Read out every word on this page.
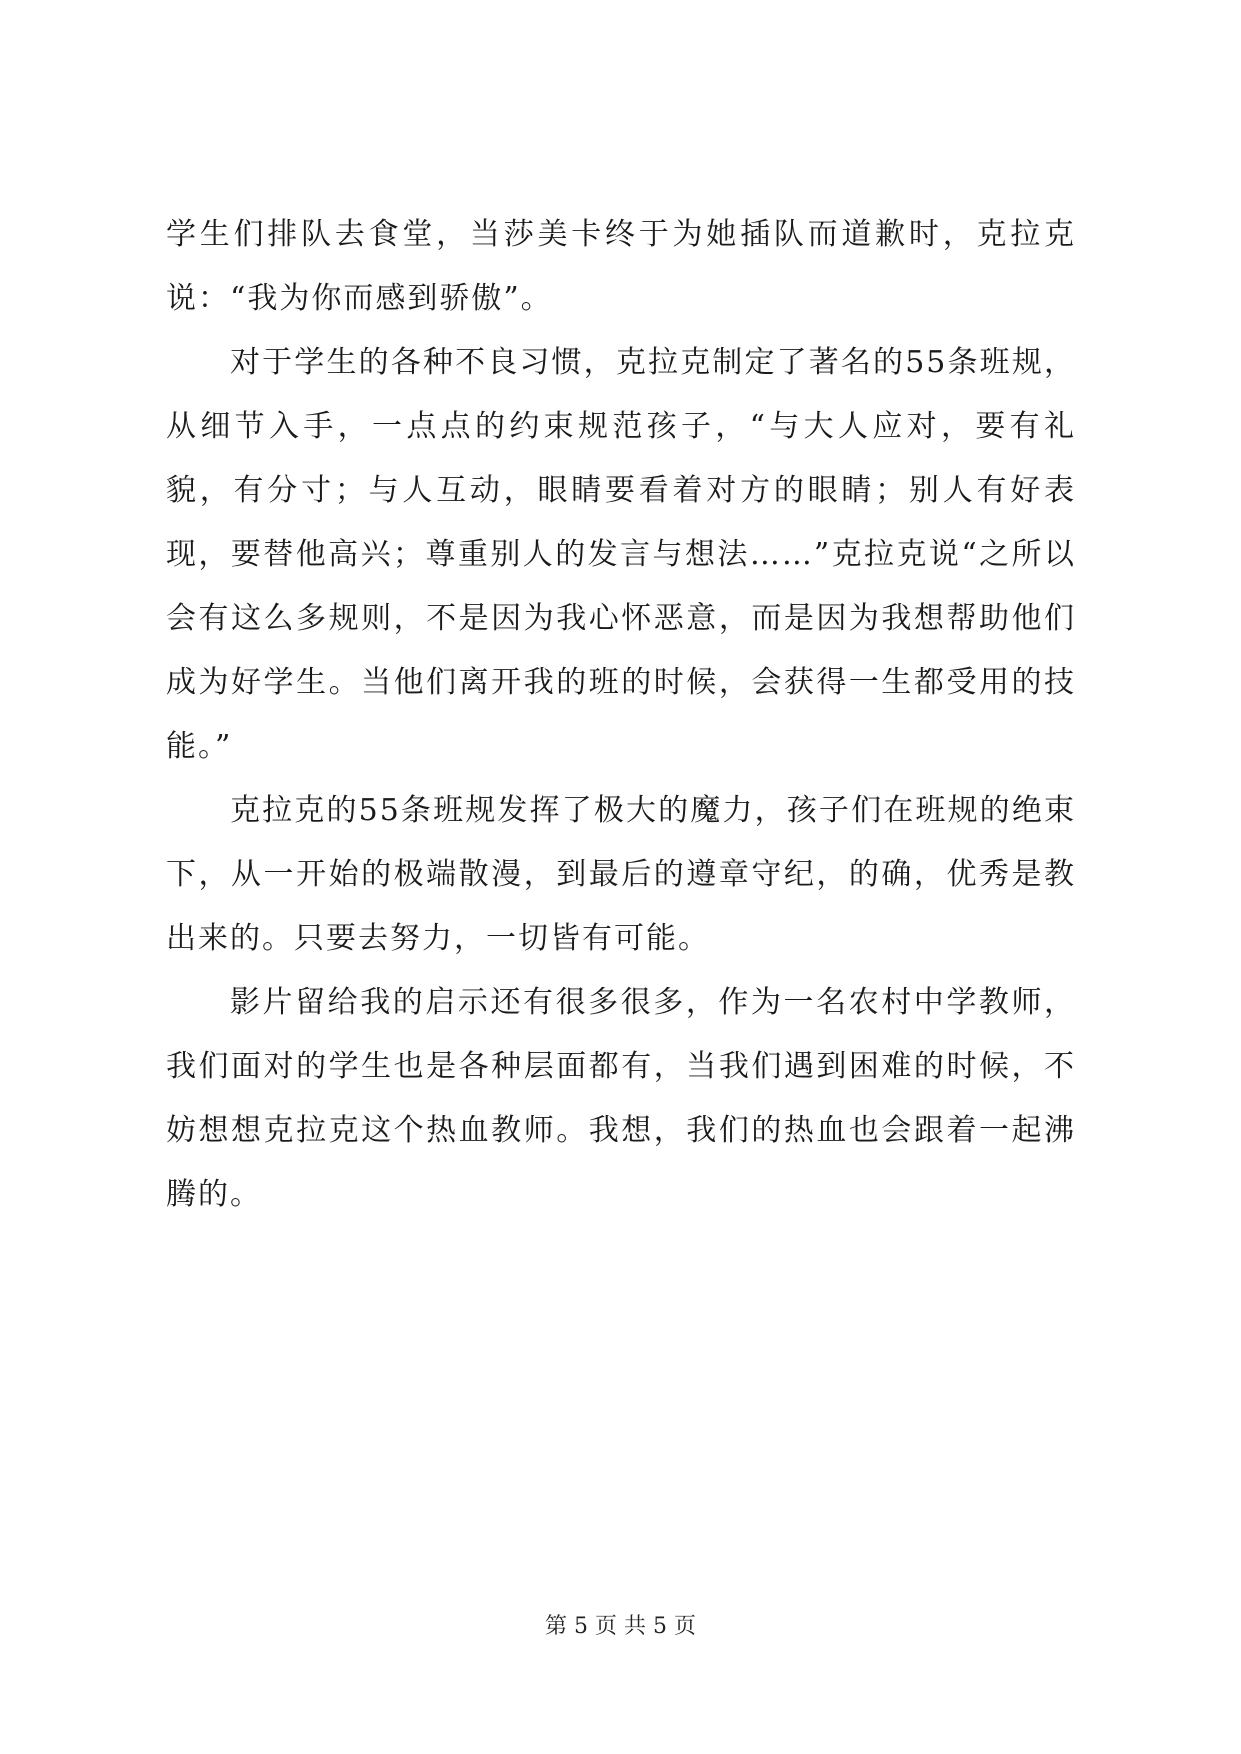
学生们排队去食堂，当莎美卡终于为她插队而道歉时，克拉克说：“我为你而感到骄傲”。

对于学生的各种不良习惯，克拉克制定了著名的55条班规，从细节入手，一点点的约束规范孩子，“与大人应对，要有礼貌，有分寸；与人互动，眼睛要看着对方的眼睛；别人有好表现，要替他高兴；尊重别人的发言与想法……”克拉克说“之所以会有这么多规则，不是因为我心怀恶意，而是因为我想帮助他们成为好学生。当他们离开我的班的时候，会获得一生都受用的技能。”

克拉克的55条班规发挥了极大的魔力，孩子们在班规的绝束下，从一开始的极端散漫，到最后的遵章守纪，的确，优秀是教出来的。只要去努力，一切皆有可能。

影片留给我的启示还有很多很多，作为一名农村中学教师，我们面对的学生也是各种层面都有，当我们遇到困难的时候，不妨想想克拉克这个热血教师。我想，我们的热血也会跟着一起沸腾的。

第 5 页 共 5 页
